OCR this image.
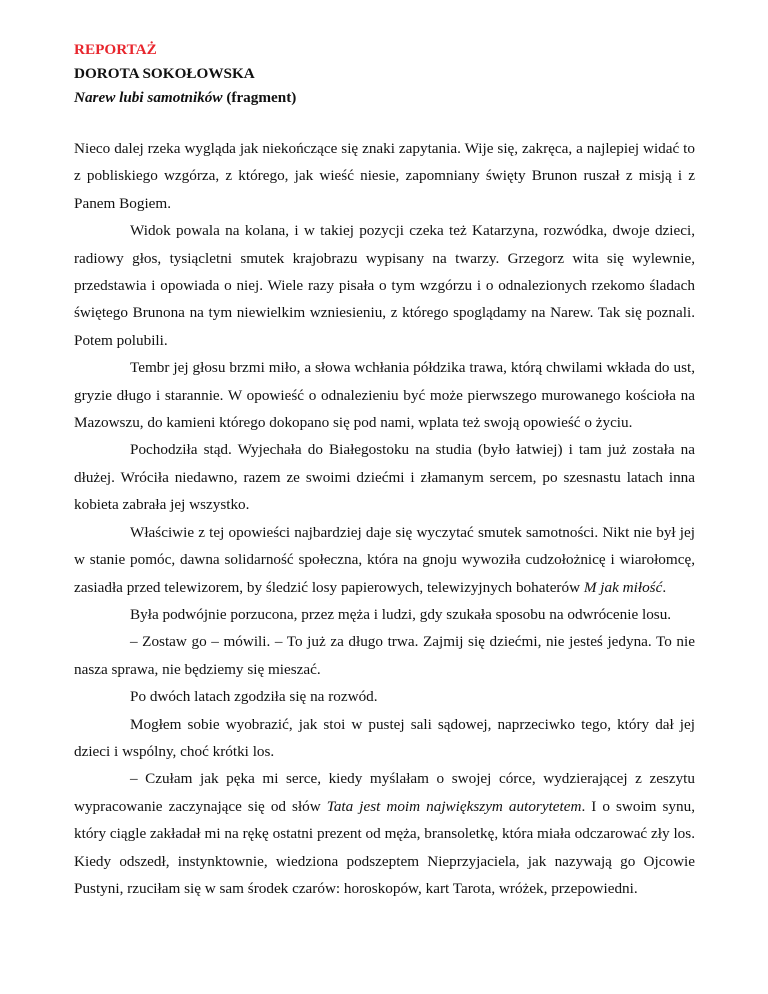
REPORTAŻ
DOROTA SOKOŁOWSKA
Narew lubi samotników (fragment)

Nieco dalej rzeka wygląda jak niekończące się znaki zapytania. Wije się, zakręca, a najlepiej widać to z pobliskiego wzgórza, z którego, jak wieść niesie, zapomniany święty Brunon ruszał z misją i z Panem Bogiem.

Widok powala na kolana, i w takiej pozycji czeka też Katarzyna, rozwódka, dwoje dzieci, radiowy głos, tysiącletni smutek krajobrazu wypisany na twarzy. Grzegorz wita się wylewnie, przedstawia i opowiada o niej. Wiele razy pisała o tym wzgórzu i o odnalezionych rzekomo śladach świętego Brunona na tym niewielkim wzniesieniu, z którego spoglądamy na Narew. Tak się poznali. Potem polubili.

Tembr jej głosu brzmi miło, a słowa wchłania półdzika trawa, którą chwilami wkłada do ust, gryzie długo i starannie. W opowieść o odnalezieniu być może pierwszego murowanego kościoła na Mazowszu, do kamieni którego dokopano się pod nami, wplata też swoją opowieść o życiu.

Pochodziła stąd. Wyjechała do Białegostoku na studia (było łatwiej) i tam już została na dłużej. Wróciła niedawno, razem ze swoimi dziećmi i złamanym sercem, po szesnastu latach inna kobieta zabrała jej wszystko.

Właściwie z tej opowieści najbardziej daje się wyczytać smutek samotności. Nikt nie był jej w stanie pomóc, dawna solidarność społeczna, która na gnoju wywoziła cudzołożnicę i wiarołomcę, zasiadła przed telewizorem, by śledzić losy papierowych, telewizyjnych bohaterów M jak miłość.

Była podwójnie porzucona, przez męża i ludzi, gdy szukała sposobu na odwrócenie losu.

– Zostaw go – mówili. – To już za długo trwa. Zajmij się dziećmi, nie jesteś jedyna. To nie nasza sprawa, nie będziemy się mieszać.

Po dwóch latach zgodziła się na rozwód.

Mogłem sobie wyobrazić, jak stoi w pustej sali sądowej, naprzeciwko tego, który dał jej dzieci i wspólny, choć krótki los.

– Czułam jak pęka mi serce, kiedy myślałam o swojej córce, wydzierającej z zeszytu wypracowanie zaczynające się od słów Tata jest moim największym autorytetem. I o swoim synu, który ciągle zakładał mi na rękę ostatni prezent od męża, bransoletkę, która miała odczarować zły los. Kiedy odszedł, instynktownie, wiedziona podszeptem Nieprzyjaciela, jak nazywają go Ojcowie Pustyni, rzuciłam się w sam środek czarów: horoskopów, kart Tarota, wróżek, przepowiedni.
